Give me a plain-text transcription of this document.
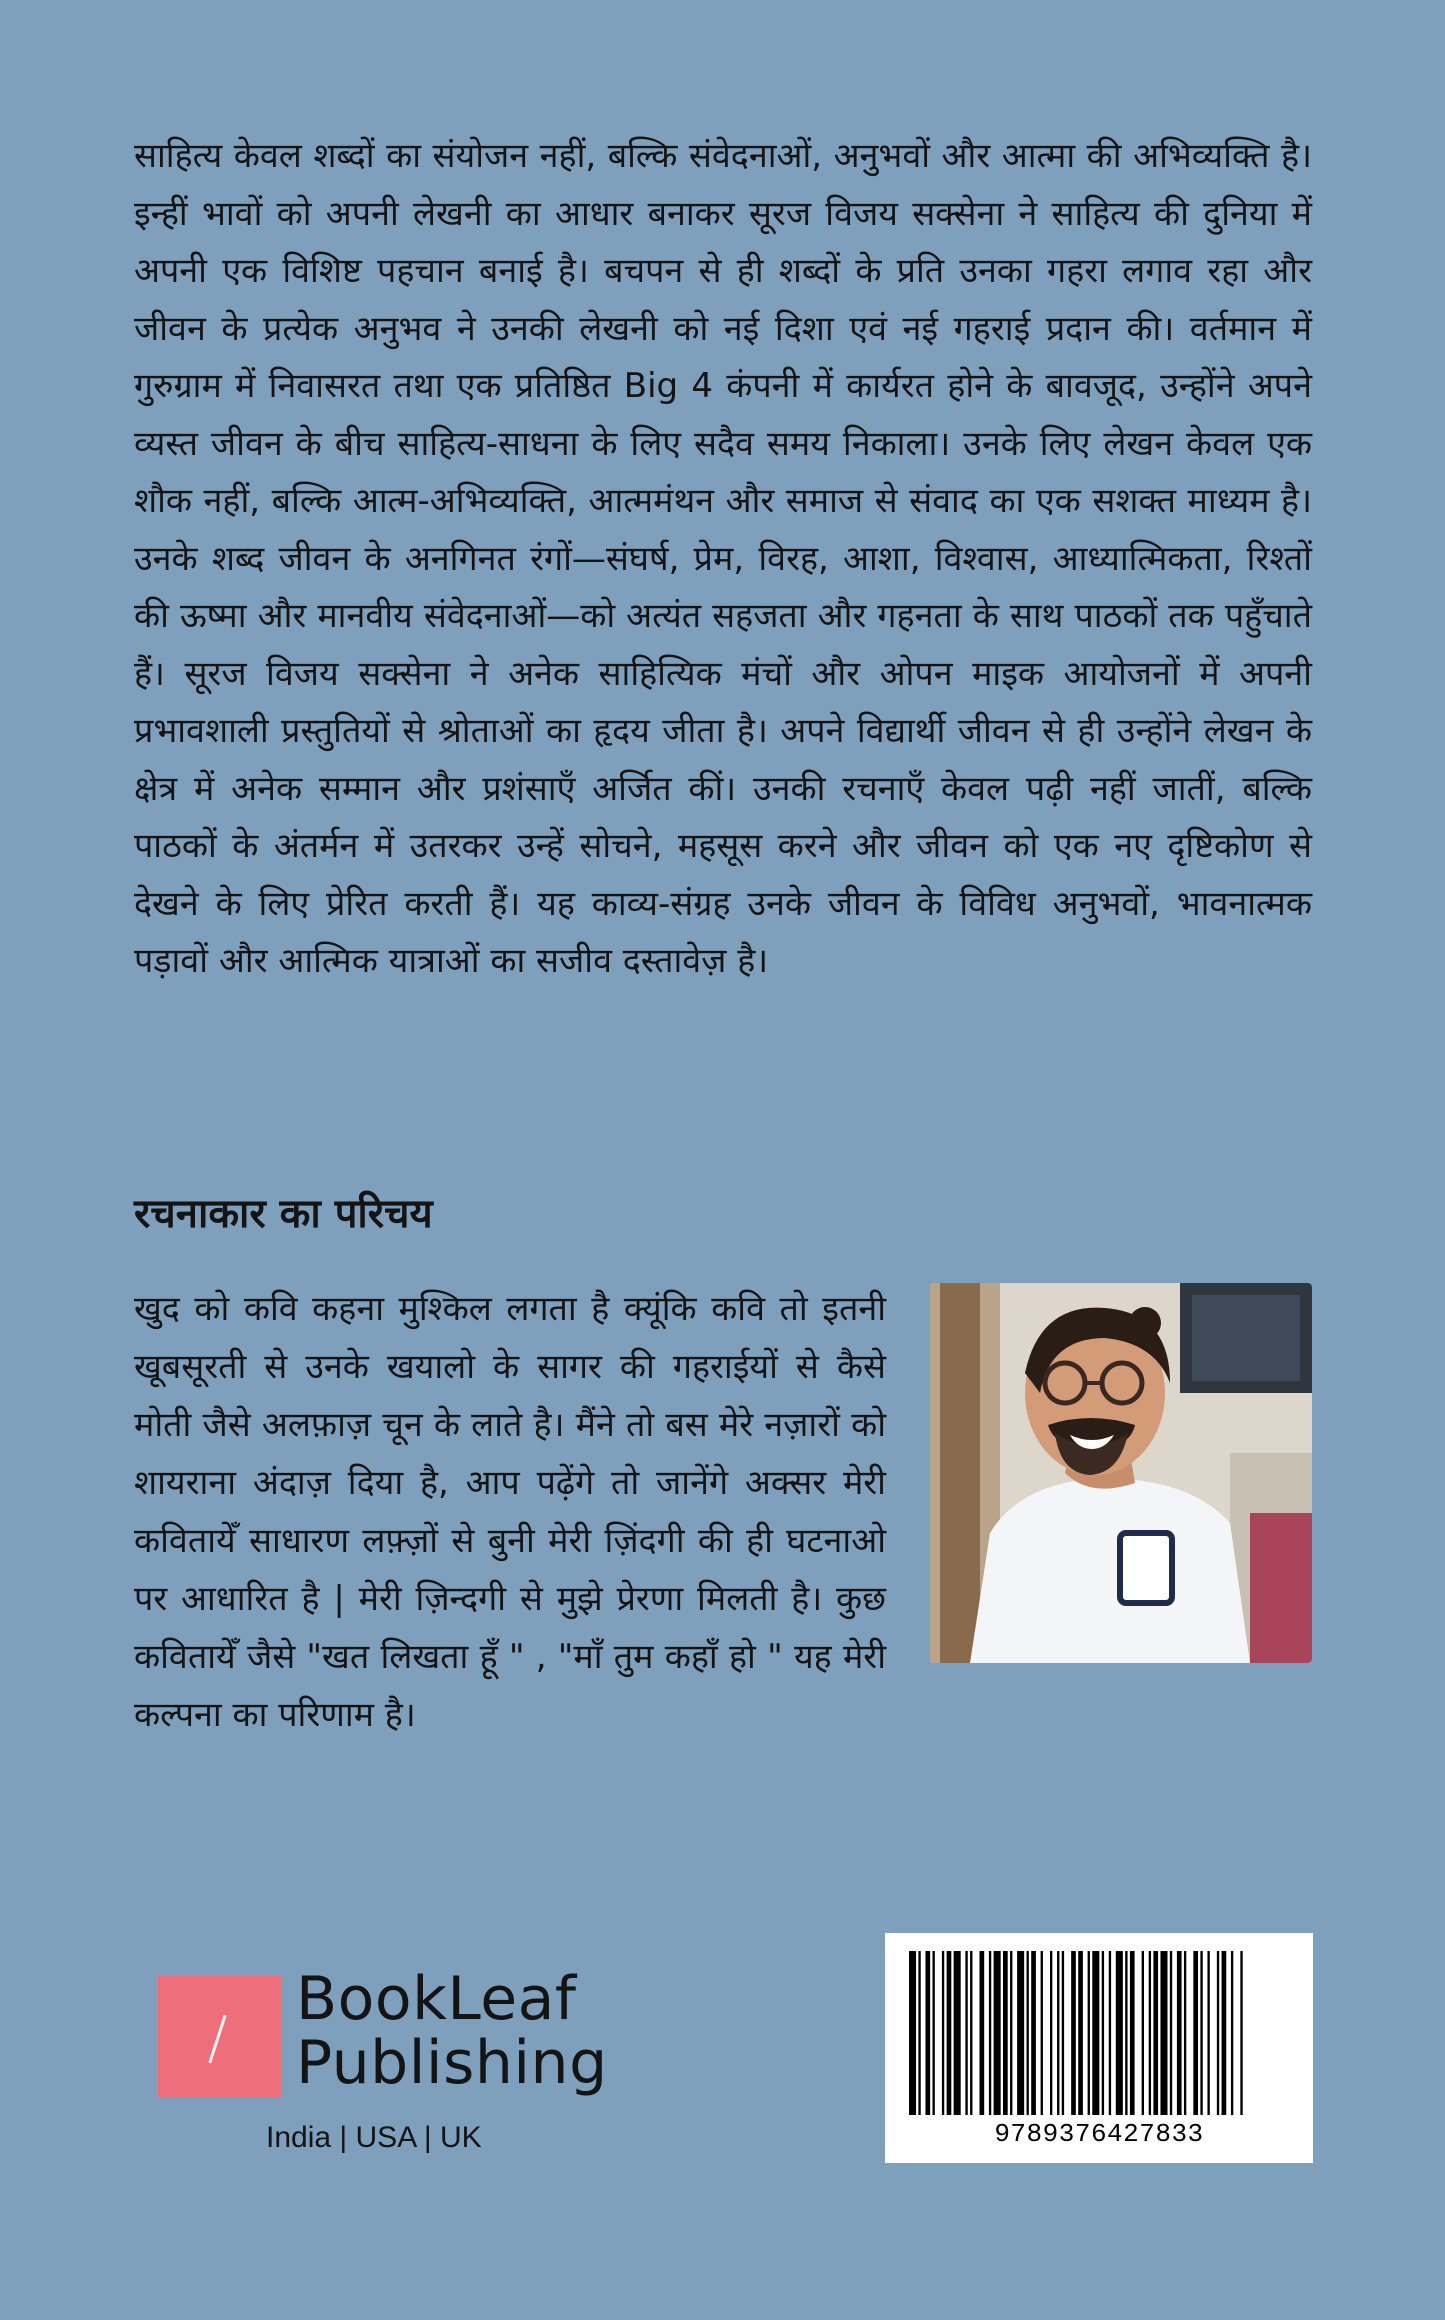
साहित्य केवल शब्दों का संयोजन नहीं, बल्कि संवेदनाओं, अनुभवों और आत्मा की अभिव्यक्ति है। इन्हीं भावों को अपनी लेखनी का आधार बनाकर सूरज विजय सक्सेना ने साहित्य की दुनिया में अपनी एक विशिष्ट पहचान बनाई है। बचपन से ही शब्दों के प्रति उनका गहरा लगाव रहा और जीवन के प्रत्येक अनुभव ने उनकी लेखनी को नई दिशा एवं नई गहराई प्रदान की। वर्तमान में गुरुग्राम में निवासरत तथा एक प्रतिष्ठित Big 4 कंपनी में कार्यरत होने के बावजूद, उन्होंने अपने व्यस्त जीवन के बीच साहित्य-साधना के लिए सदैव समय निकाला। उनके लिए लेखन केवल एक शौक नहीं, बल्कि आत्म-अभिव्यक्ति, आत्ममंथन और समाज से संवाद का एक सशक्त माध्यम है। उनके शब्द जीवन के अनगिनत रंगों—संघर्ष, प्रेम, विरह, आशा, विश्वास, आध्यात्मिकता, रिश्तों की ऊष्मा और मानवीय संवेदनाओं—को अत्यंत सहजता और गहनता के साथ पाठकों तक पहुँचाते हैं। सूरज विजय सक्सेना ने अनेक साहित्यिक मंचों और ओपन माइक आयोजनों में अपनी प्रभावशाली प्रस्तुतियों से श्रोताओं का हृदय जीता है। अपने विद्यार्थी जीवन से ही उन्होंने लेखन के क्षेत्र में अनेक सम्मान और प्रशंसाएँ अर्जित कीं। उनकी रचनाएँ केवल पढ़ी नहीं जातीं, बल्कि पाठकों के अंतर्मन में उतरकर उन्हें सोचने, महसूस करने और जीवन को एक नए दृष्टिकोण से देखने के लिए प्रेरित करती हैं। यह काव्य-संग्रह उनके जीवन के विविध अनुभवों, भावनात्मक पड़ावों और आत्मिक यात्राओं का सजीव दस्तावेज़ है।

रचनाकार का परिचय

खुद को कवि कहना मुश्किल लगता है क्यूंकि कवि तो इतनी खूबसूरती से उनके खयालो के सागर की गहराईयों से कैसे मोती जैसे अलफ़ाज़ चून के लाते है। मैंने तो बस मेरे नज़ारों को शायराना अंदाज़ दिया है, आप पढ़ेंगे तो जानेंगे अक्सर मेरी कवितायेँ साधारण लफ़्ज़ों से बुनी मेरी ज़िंदगी की ही घटनाओ पर आधारित है | मेरी ज़िन्दगी से मुझे प्रेरणा मिलती है। कुछ कवितायेँ जैसे "खत लिखता हूँ " , "माँ तुम कहाँ हो " यह मेरी कल्पना का परिणाम है।

BookLeaf
Publishing
India | USA | UK	9789376427833
